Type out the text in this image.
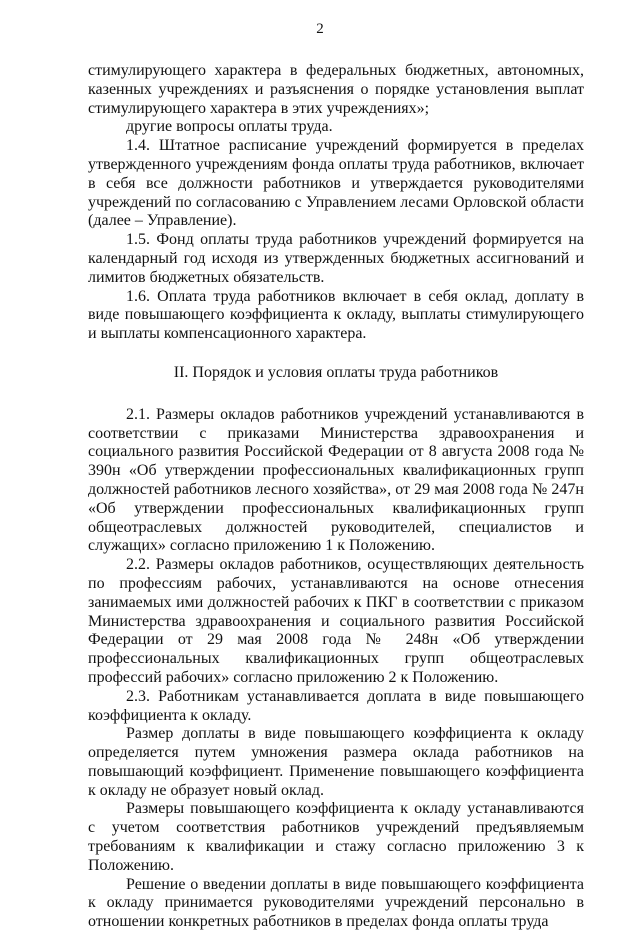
2

стимулирующего характера в федеральных бюджетных, автономных, казенных учреждениях и разъяснения о порядке установления выплат стимулирующего характера в этих учреждениях»;

другие вопросы оплаты труда.

1.4. Штатное расписание учреждений формируется в пределах утвержденного учреждениям фонда оплаты труда работников, включает в себя все должности работников и утверждается руководителями учреждений по согласованию с Управлением лесами Орловской области (далее – Управление).

1.5. Фонд оплаты труда работников учреждений формируется на календарный год исходя из утвержденных бюджетных ассигнований и лимитов бюджетных обязательств.

1.6. Оплата труда работников включает в себя оклад, доплату в виде повышающего коэффициента к окладу, выплаты стимулирующего и выплаты компенсационного характера.

II. Порядок и условия оплаты труда работников

2.1. Размеры окладов работников учреждений устанавливаются в соответствии с приказами Министерства здравоохранения и социального развития Российской Федерации от 8 августа 2008 года № 390н «Об утверждении профессиональных квалификационных групп должностей работников лесного хозяйства», от 29 мая 2008 года № 247н «Об утверждении профессиональных квалификационных групп общеотраслевых должностей руководителей, специалистов и служащих» согласно приложению 1 к Положению.

2.2. Размеры окладов работников, осуществляющих деятельность по профессиям рабочих, устанавливаются на основе отнесения занимаемых ими должностей рабочих к ПКГ в соответствии с приказом Министерства здравоохранения и социального развития Российской Федерации от 29 мая 2008 года № 248н «Об утверждении профессиональных квалификационных групп общеотраслевых профессий рабочих» согласно приложению 2 к Положению.

2.3. Работникам устанавливается доплата в виде повышающего коэффициента к окладу.

Размер доплаты в виде повышающего коэффициента к окладу определяется путем умножения размера оклада работников на повышающий коэффициент. Применение повышающего коэффициента к окладу не образует новый оклад.

Размеры повышающего коэффициента к окладу устанавливаются с учетом соответствия работников учреждений предъявляемым требованиям к квалификации и стажу согласно приложению 3 к Положению.

Решение о введении доплаты в виде повышающего коэффициента к окладу принимается руководителями учреждений персонально в отношении конкретных работников в пределах фонда оплаты труда
